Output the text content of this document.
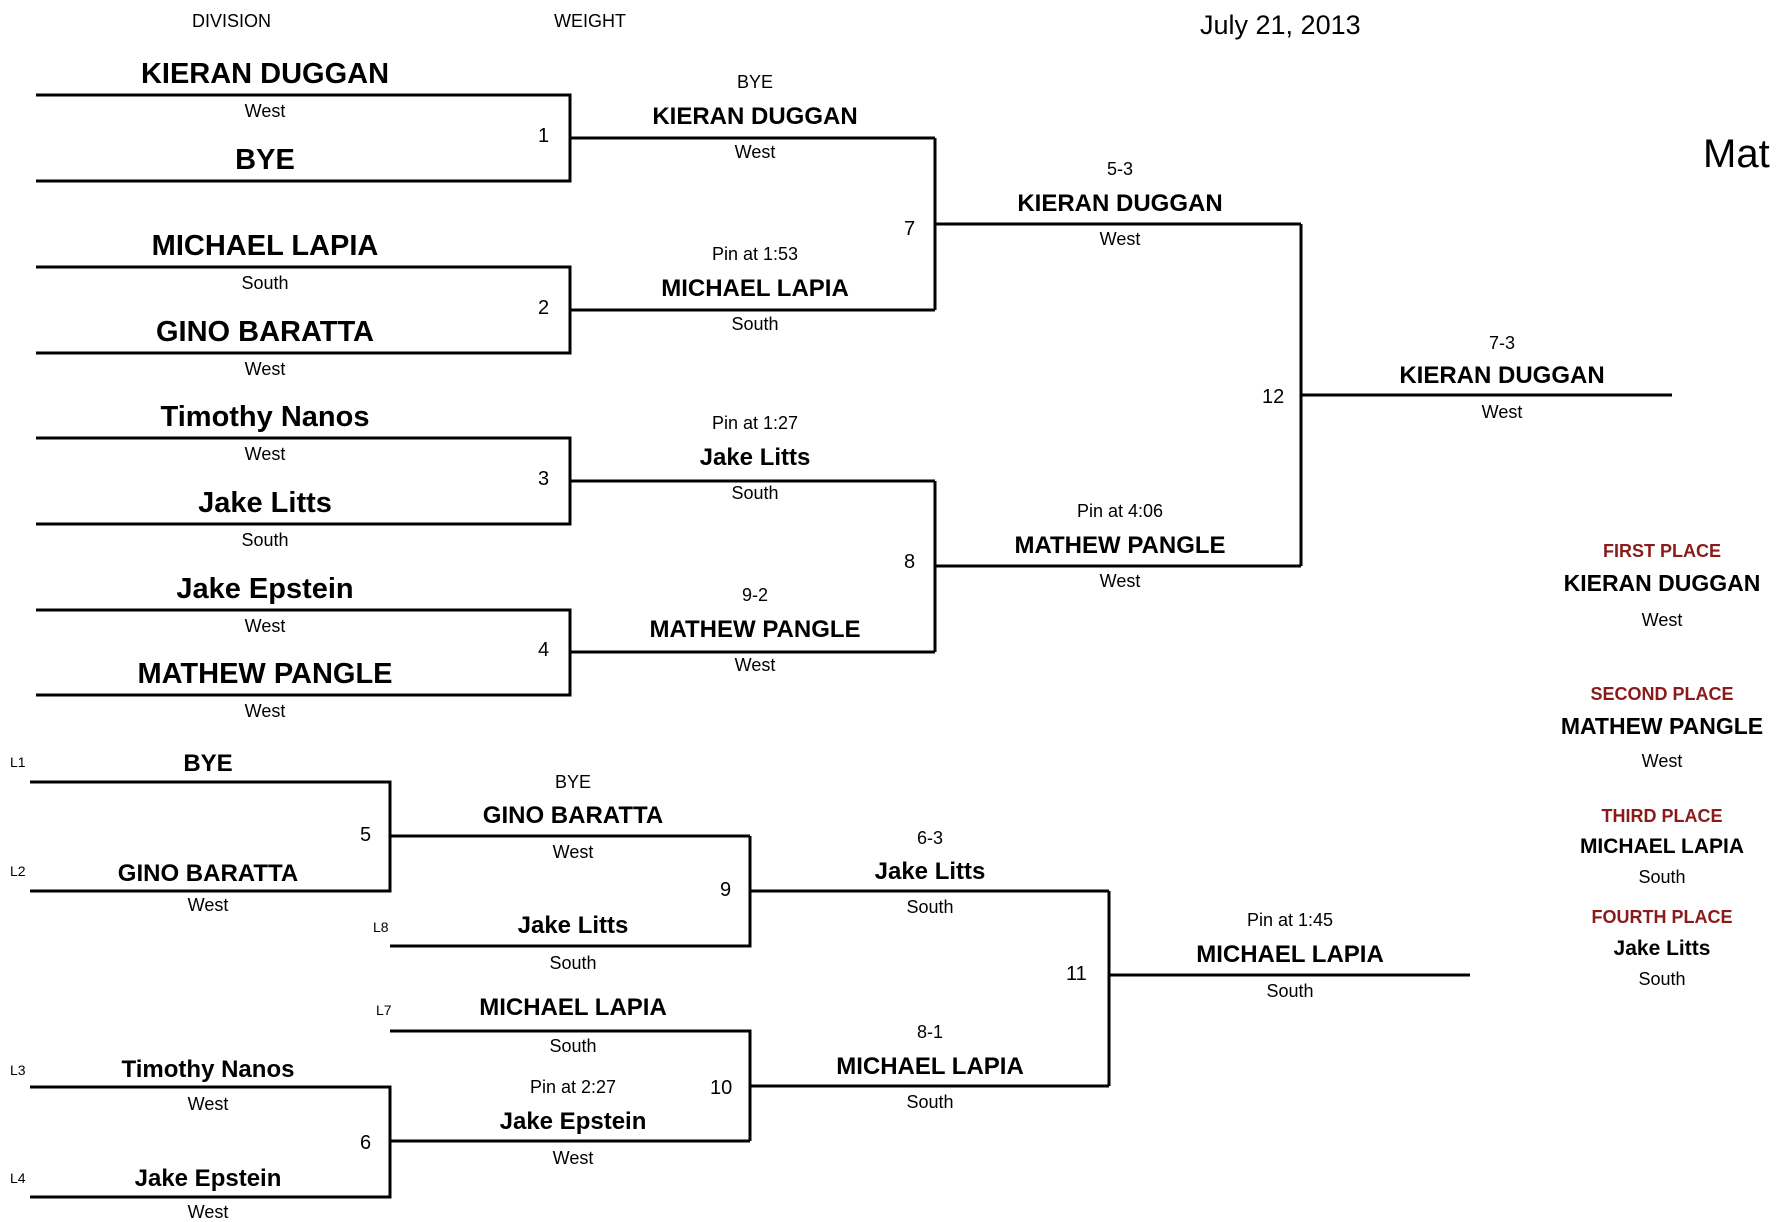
DIVISION	WEIGHT	July 21, 2013
Mat
KIERAN DUGGAN
West
BYE
MICHAEL LAPIA
South
GINO BARATTA
West
Timothy Nanos
West
Jake Litts
South
Jake Epstein
West
MATHEW PANGLE
West
1
2
3
4
7
8
12
BYE
KIERAN DUGGAN
West
Pin at 1:53
MICHAEL LAPIA
South
Pin at 1:27
Jake Litts
South
9-2
MATHEW PANGLE
West
5-3
KIERAN DUGGAN
West
Pin at 4:06
MATHEW PANGLE
West
7-3
KIERAN DUGGAN
West
L1
L2
L8
L7
L3
L4
BYE
GINO BARATTA
West
Jake Litts
South
MICHAEL LAPIA
South
Timothy Nanos
West
Jake Epstein
West
5
9
10
6
11
BYE
GINO BARATTA
West
Pin at 2:27
Jake Epstein
West
6-3
Jake Litts
South
8-1
MICHAEL LAPIA
South
Pin at 1:45
MICHAEL LAPIA
South
FIRST PLACE
KIERAN DUGGAN
West
SECOND PLACE
MATHEW PANGLE
West
THIRD PLACE
MICHAEL LAPIA
South
FOURTH PLACE
Jake Litts
South
